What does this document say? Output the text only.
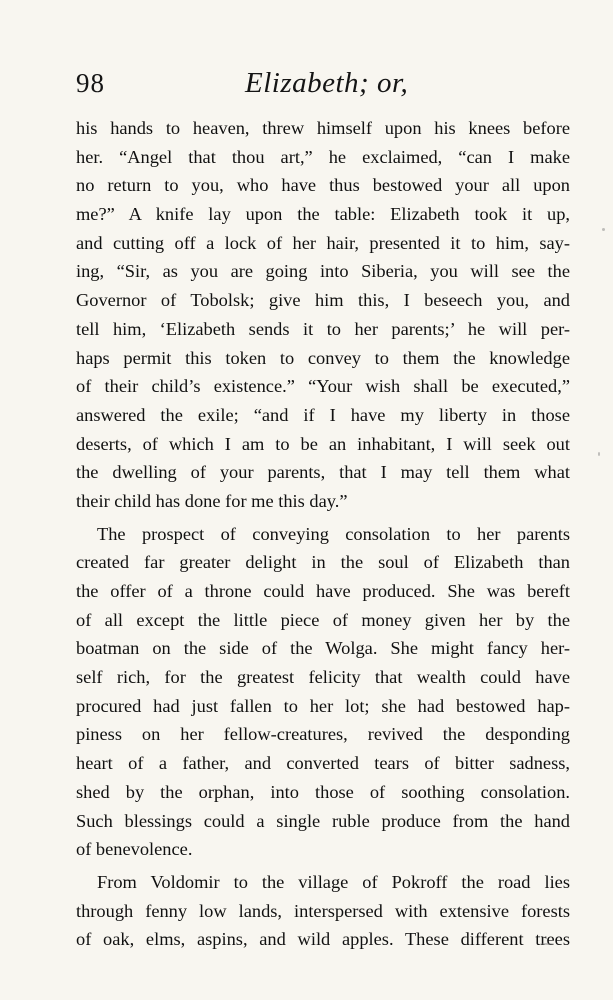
98	Elizabeth; or,
his hands to heaven, threw himself upon his knees before
her. “Angel that thou art,” he exclaimed, “can I make
no return to you, who have thus bestowed your all upon
me?” A knife lay upon the table: Elizabeth took it up,
and cutting off a lock of her hair, presented it to him, say-
ing, “Sir, as you are going into Siberia, you will see the
Governor of Tobolsk; give him this, I beseech you, and
tell him, ‘Elizabeth sends it to her parents;’ he will per-
haps permit this token to convey to them the knowledge
of their child’s existence.” “Your wish shall be executed,”
answered the exile; “and if I have my liberty in those
deserts, of which I am to be an inhabitant, I will seek out
the dwelling of your parents, that I may tell them what
their child has done for me this day.”
The prospect of conveying consolation to her parents
created far greater delight in the soul of Elizabeth than
the offer of a throne could have produced. She was bereft
of all except the little piece of money given her by the
boatman on the side of the Wolga. She might fancy her-
self rich, for the greatest felicity that wealth could have
procured had just fallen to her lot; she had bestowed hap-
piness on her fellow-creatures, revived the desponding
heart of a father, and converted tears of bitter sadness,
shed by the orphan, into those of soothing consolation.
Such blessings could a single ruble produce from the hand
of benevolence.
From Voldomir to the village of Pokroff the road lies
through fenny low lands, interspersed with extensive forests
of oak, elms, aspins, and wild apples. These different trees
